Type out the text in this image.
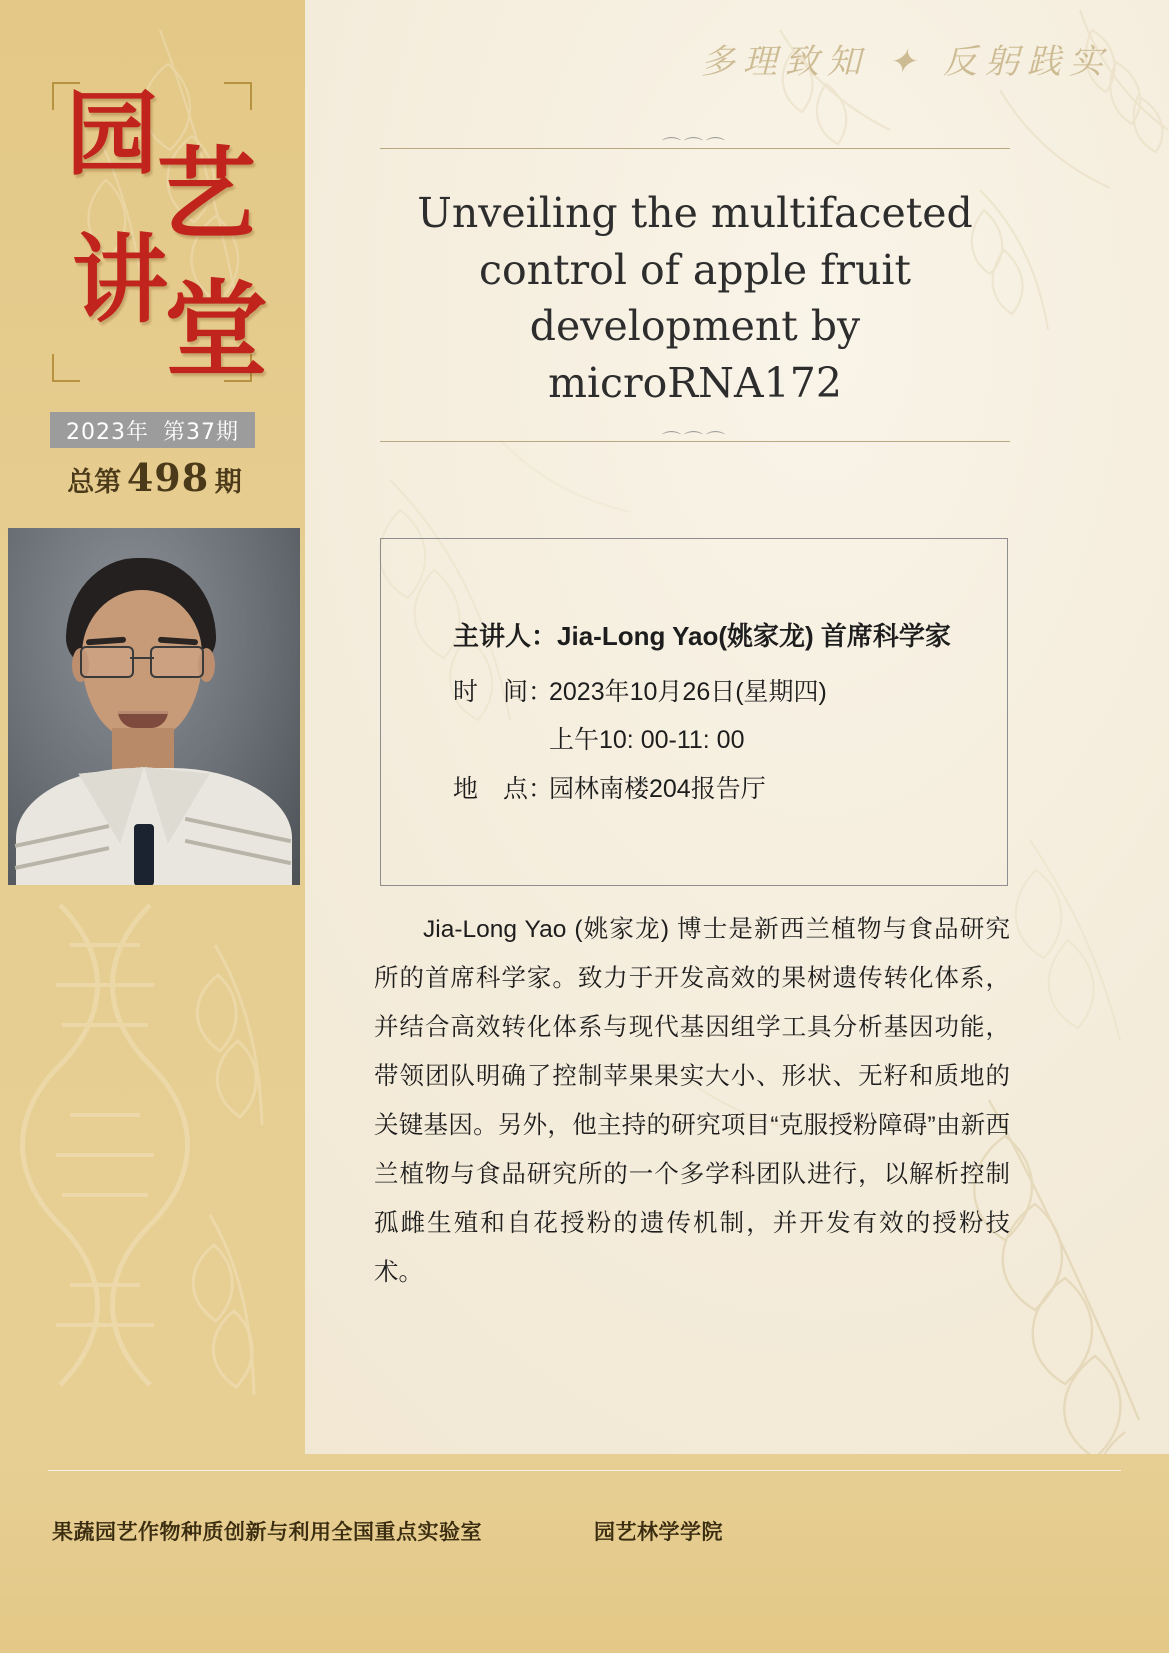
园
艺
讲
堂
2023年 第37期
总第 498 期
多理致知 ✦ 反躬践实
⌒⌒⌒
Unveiling the multifaceted control of apple fruit development by microRNA172
⌒⌒⌒
主讲人：Jia-Long Yao(姚家龙) 首席科学家
时　间：2023年10月26日(星期四)
上午10: 00-11: 00
地　点：园林南楼204报告厅
Jia-Long Yao (姚家龙) 博士是新西兰植物与食品研究所的首席科学家。致力于开发高效的果树遗传转化体系，并结合高效转化体系与现代基因组学工具分析基因功能，带领团队明确了控制苹果果实大小、形状、无籽和质地的关键基因。另外，他主持的研究项目“克服授粉障碍”由新西兰植物与食品研究所的一个多学科团队进行，以解析控制孤雌生殖和自花授粉的遗传机制，并开发有效的授粉技术。
果蔬园艺作物种质创新与利用全国重点实验室	园艺林学学院
